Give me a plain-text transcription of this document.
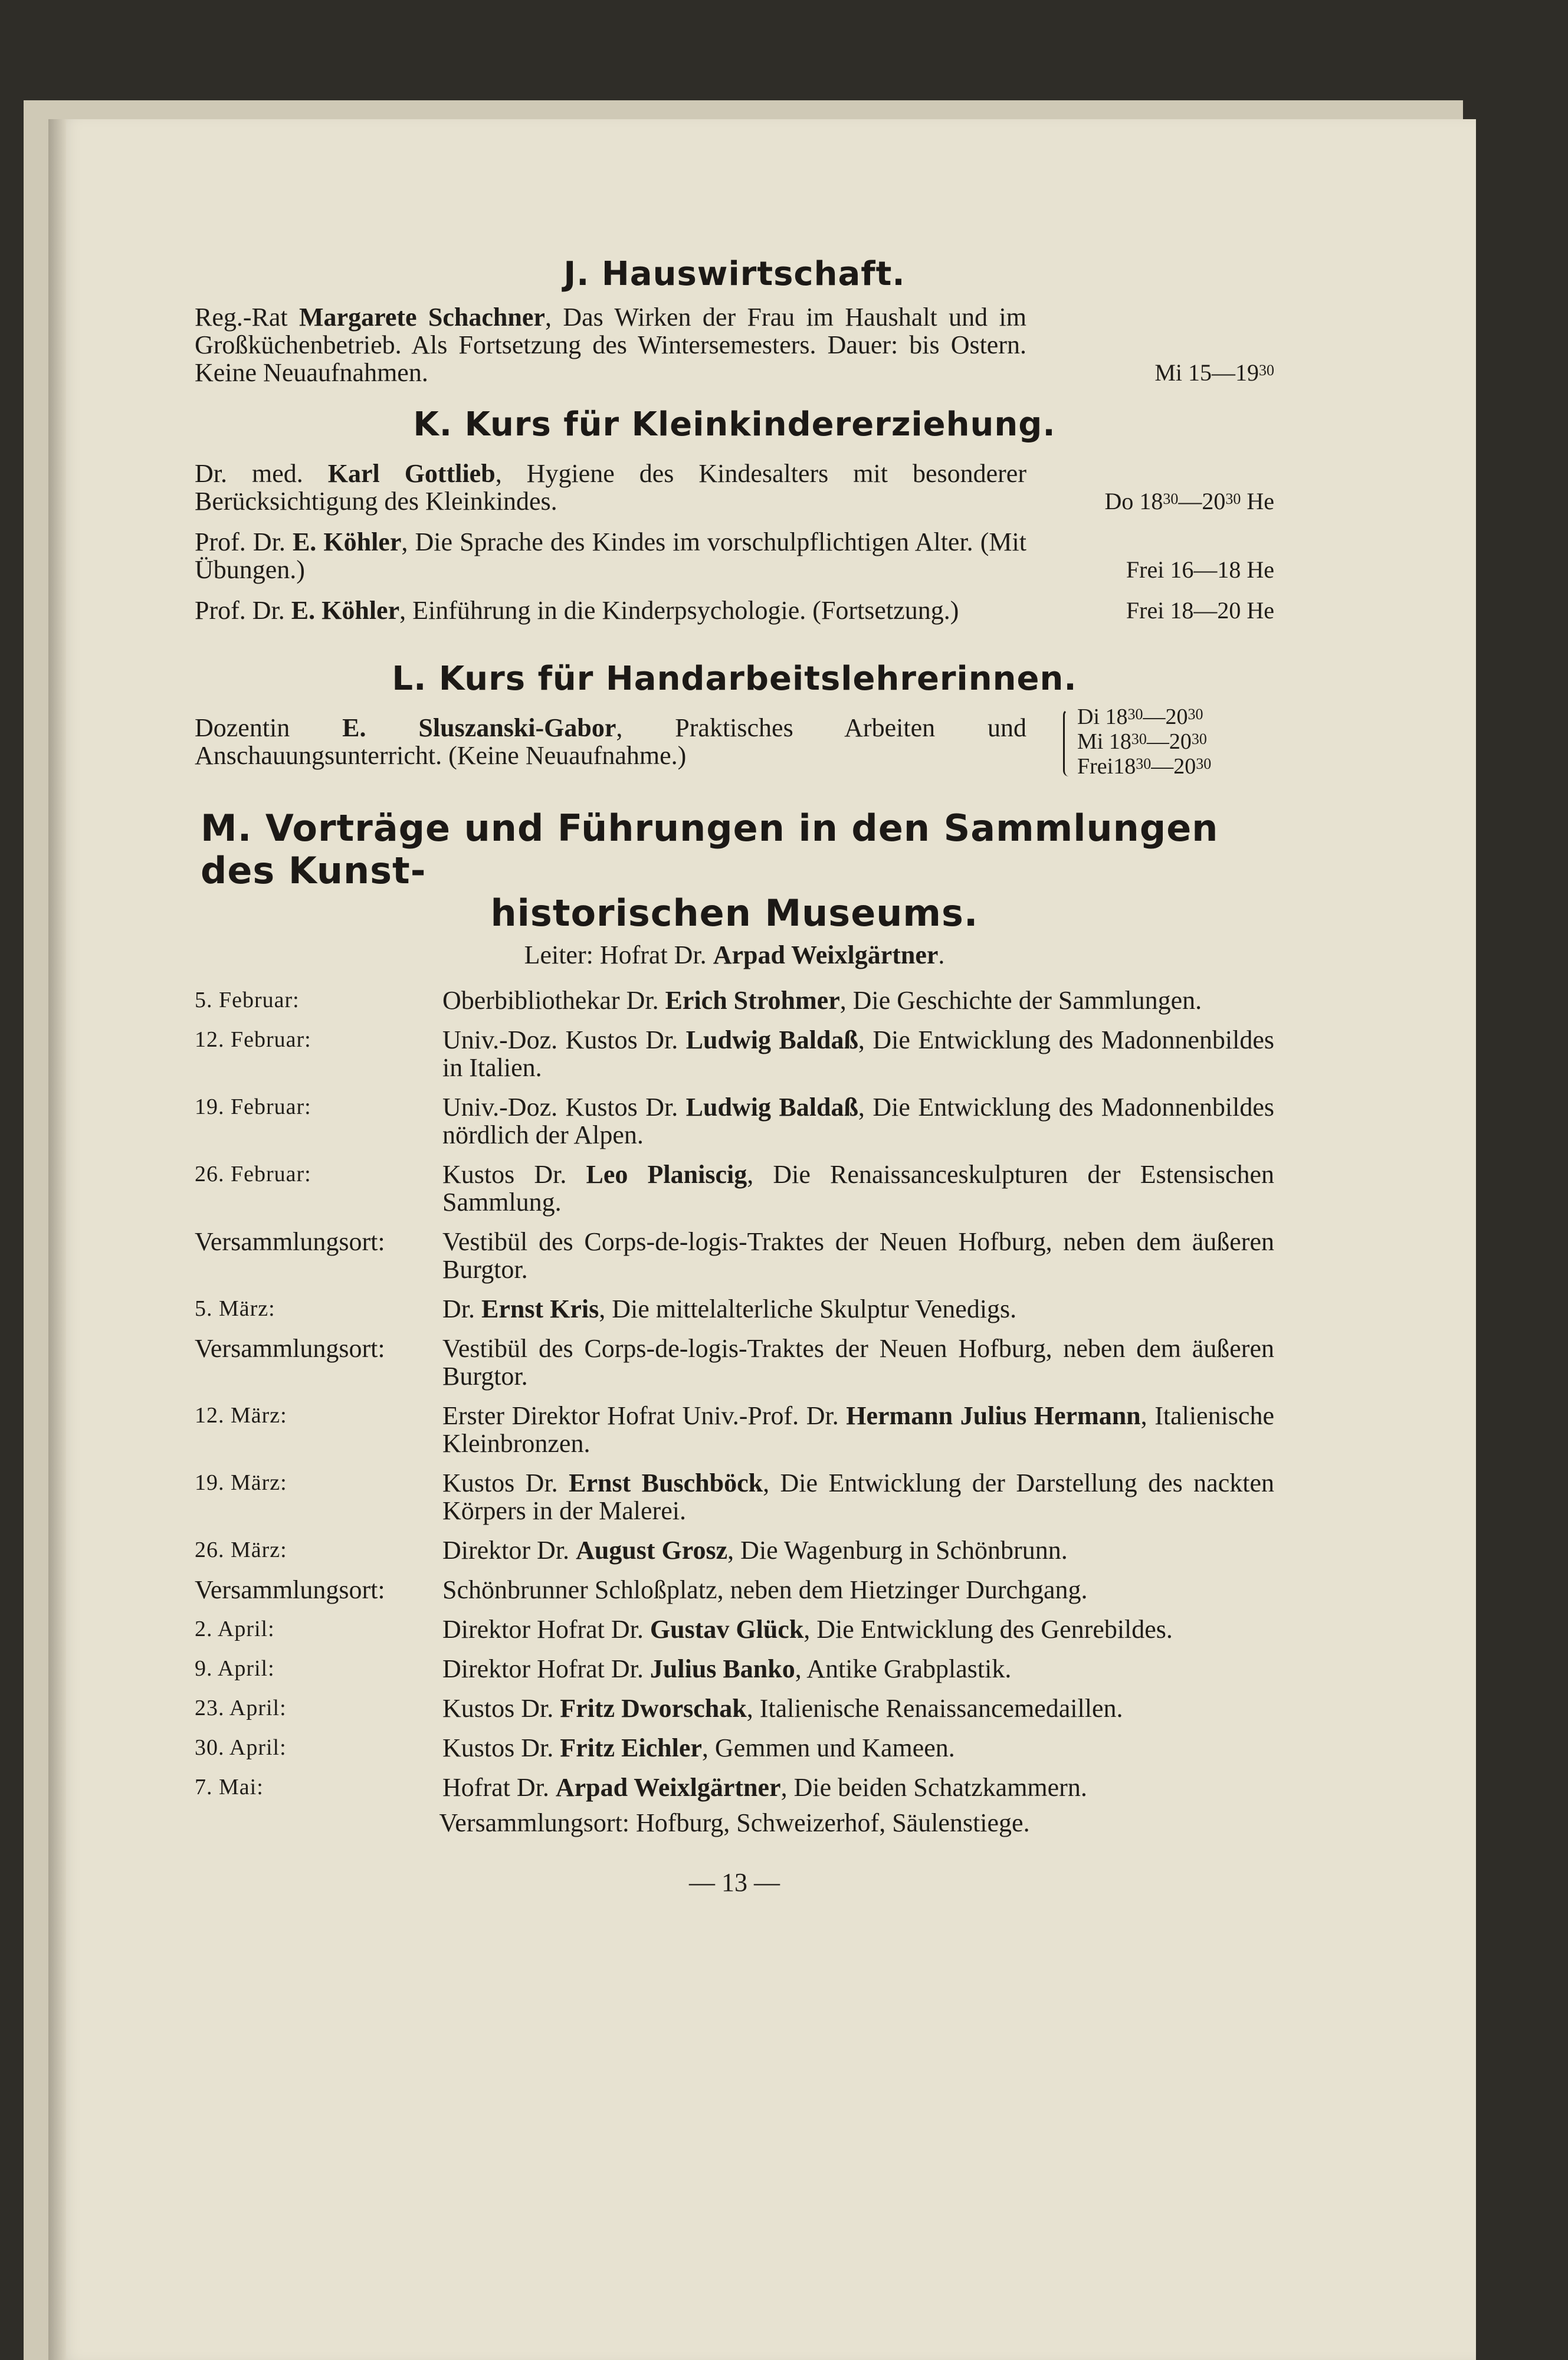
J. Hauswirtschaft.
Reg.-Rat Margarete Schachner, Das Wirken der Frau im Haushalt und im Großküchenbetrieb. Als Fortsetzung des Wintersemesters. Dauer: bis Ostern. Keine Neuaufnahmen.	Mi $15—19^{30}$
K. Kurs für Kleinkindererziehung.
Dr. med. Karl Gottlieb, Hygiene des Kindesalters mit besonderer Berücksichtigung des Kleinkindes.	Do $18^{30}—20^{30}$ He
Prof. Dr. E. Köhler, Die Sprache des Kindes im vorschulpflichtigen Alter. (Mit Übungen.)	Frei 16—18 He
Prof. Dr. E. Köhler, Einführung in die Kinderpsychologie. (Fortsetzung.)	Frei 18—20 He
L. Kurs für Handarbeitslehrerinnen.
Dozentin E. Sluszanski-Gabor, Praktisches Arbeiten und Anschauungsunterricht. (Keine Neuaufnahme.)
Di $18^{30}—20^{30}$
Mi $18^{30}—20^{30}$
$Frei18^{30}—20^{30}$
M. Vorträge und Führungen in den Sammlungen des Kunst-
historischen Museums.
Leiter: Hofrat Dr. Arpad Weixlgärtner.
5. Februar:	Oberbibliothekar Dr. Erich Strohmer, Die Geschichte der Sammlungen.
12. Februar:	Univ.-Doz. Kustos Dr. Ludwig Baldaß, Die Entwicklung des Madonnenbildes in Italien.
19. Februar:	Univ.-Doz. Kustos Dr. Ludwig Baldaß, Die Entwicklung des Madonnenbildes nördlich der Alpen.
26. Februar:	Kustos Dr. Leo Planiscig, Die Renaissanceskulpturen der Estensischen Sammlung.
Versammlungsort:	Vestibül des Corps-de-logis-Traktes der Neuen Hofburg, neben dem äußeren Burgtor.
5. März:	Dr. Ernst Kris, Die mittelalterliche Skulptur Venedigs.
Versammlungsort:	Vestibül des Corps-de-logis-Traktes der Neuen Hofburg, neben dem äußeren Burgtor.
12. März:	Erster Direktor Hofrat Univ.-Prof. Dr. Hermann Julius Hermann, Italienische Kleinbronzen.
19. März:	Kustos Dr. Ernst Buschböck, Die Entwicklung der Darstellung des nackten Körpers in der Malerei.
26. März:	Direktor Dr. August Grosz, Die Wagenburg in Schönbrunn.
Versammlungsort:	Schönbrunner Schloßplatz, neben dem Hietzinger Durchgang.
2. April:	Direktor Hofrat Dr. Gustav Glück, Die Entwicklung des Genrebildes.
9. April:	Direktor Hofrat Dr. Julius Banko, Antike Grabplastik.
23. April:	Kustos Dr. Fritz Dworschak, Italienische Renaissancemedaillen.
30. April:	Kustos Dr. Fritz Eichler, Gemmen und Kameen.
7. Mai:	Hofrat Dr. Arpad Weixlgärtner, Die beiden Schatzkammern.
Versammlungsort: Hofburg, Schweizerhof, Säulenstiege.
— 13 —
